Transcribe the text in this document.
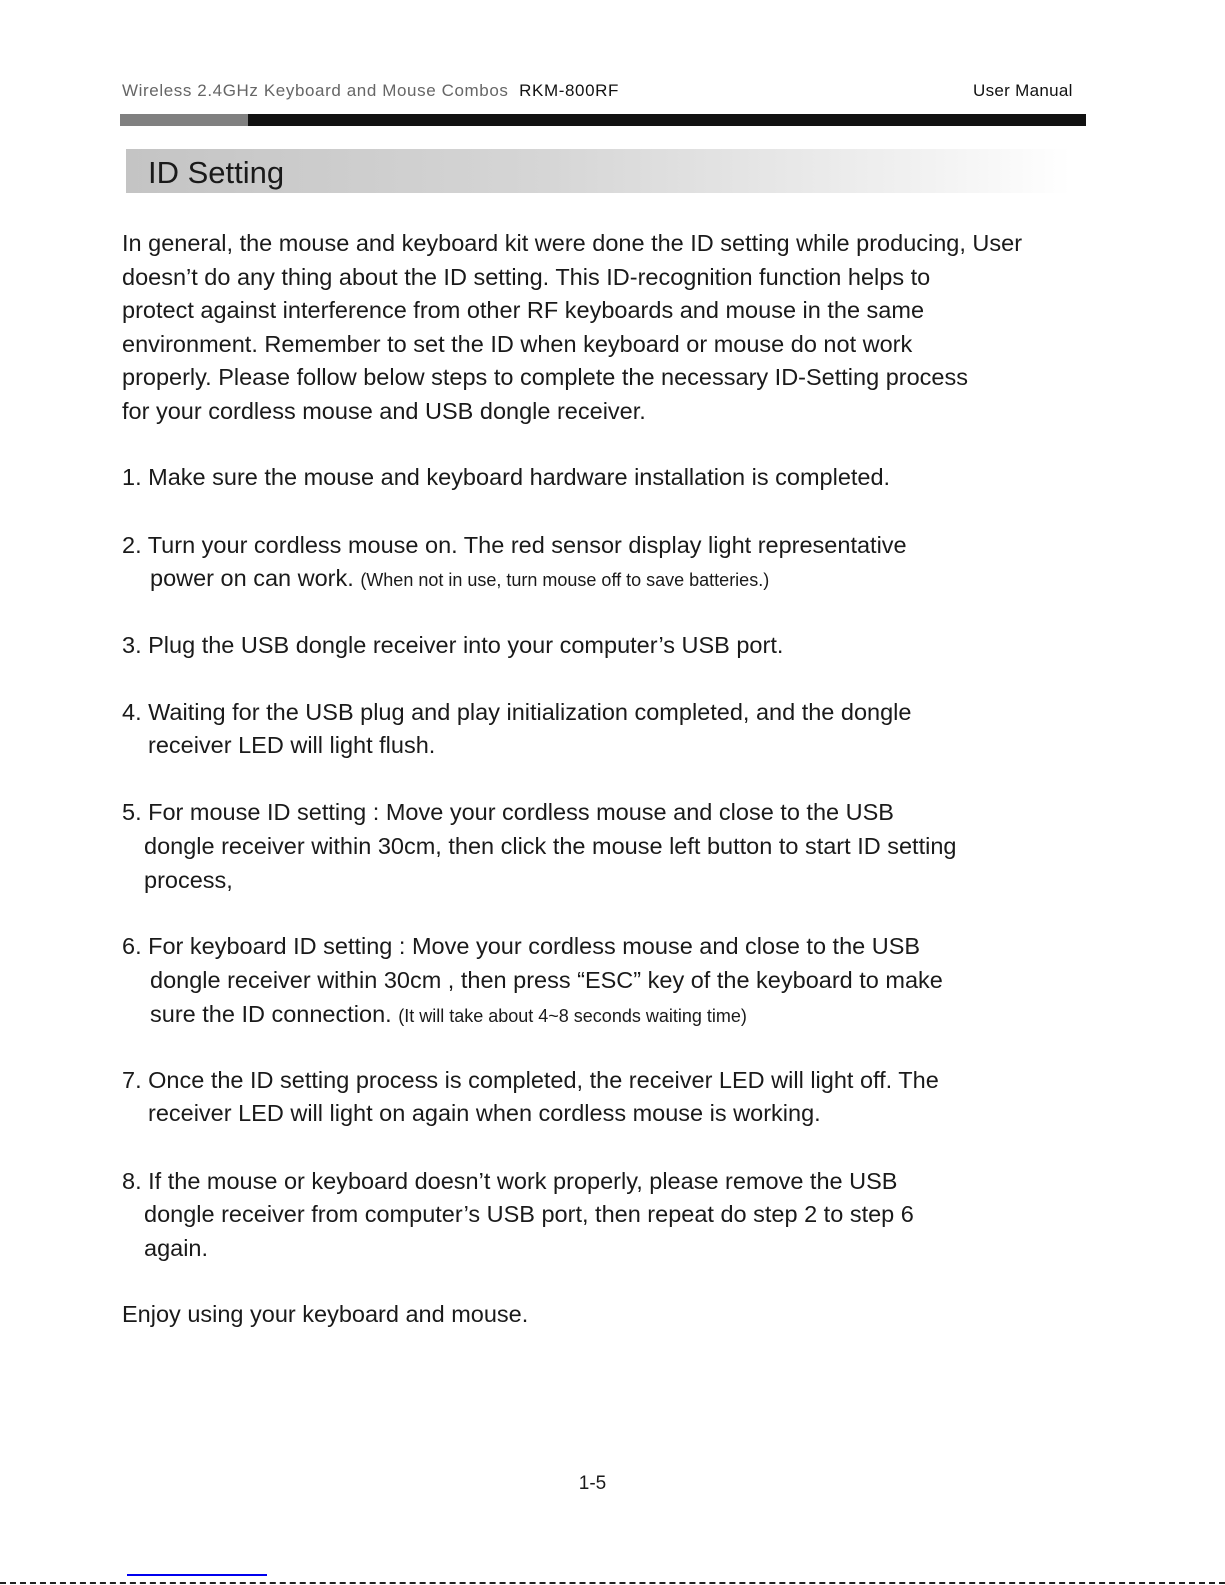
Wireless 2.4GHz Keyboard and Mouse Combos RKM-800RF	User Manual
ID Setting
In general, the mouse and keyboard kit were done the ID setting while producing, User
doesn’t do any thing about the ID setting. This ID-recognition function helps to
protect against interference from other RF keyboards and mouse in the same
environment. Remember to set the ID when keyboard or mouse do not work
properly. Please follow below steps to complete the necessary ID-Setting process
for your cordless mouse and USB dongle receiver.
1. Make sure the mouse and keyboard hardware installation is completed.
2. Turn your cordless mouse on. The red sensor display light representative
power on can work. (When not in use, turn mouse off to save batteries.)
3. Plug the USB dongle receiver into your computer’s USB port.
4. Waiting for the USB plug and play initialization completed, and the dongle
receiver LED will light flush.
5. For mouse ID setting : Move your cordless mouse and close to the USB
dongle receiver within 30cm, then click the mouse left button to start ID setting
process,
6. For keyboard ID setting : Move your cordless mouse and close to the USB
dongle receiver within 30cm , then press “ESC” key of the keyboard to make
sure the ID connection. (It will take about 4~8 seconds waiting time)
7. Once the ID setting process is completed, the receiver LED will light off. The
receiver LED will light on again when cordless mouse is working.
8. If the mouse or keyboard doesn’t work properly, please remove the USB
dongle receiver from computer’s USB port, then repeat do step 2 to step 6
again.
Enjoy using your keyboard and mouse.
1-5
